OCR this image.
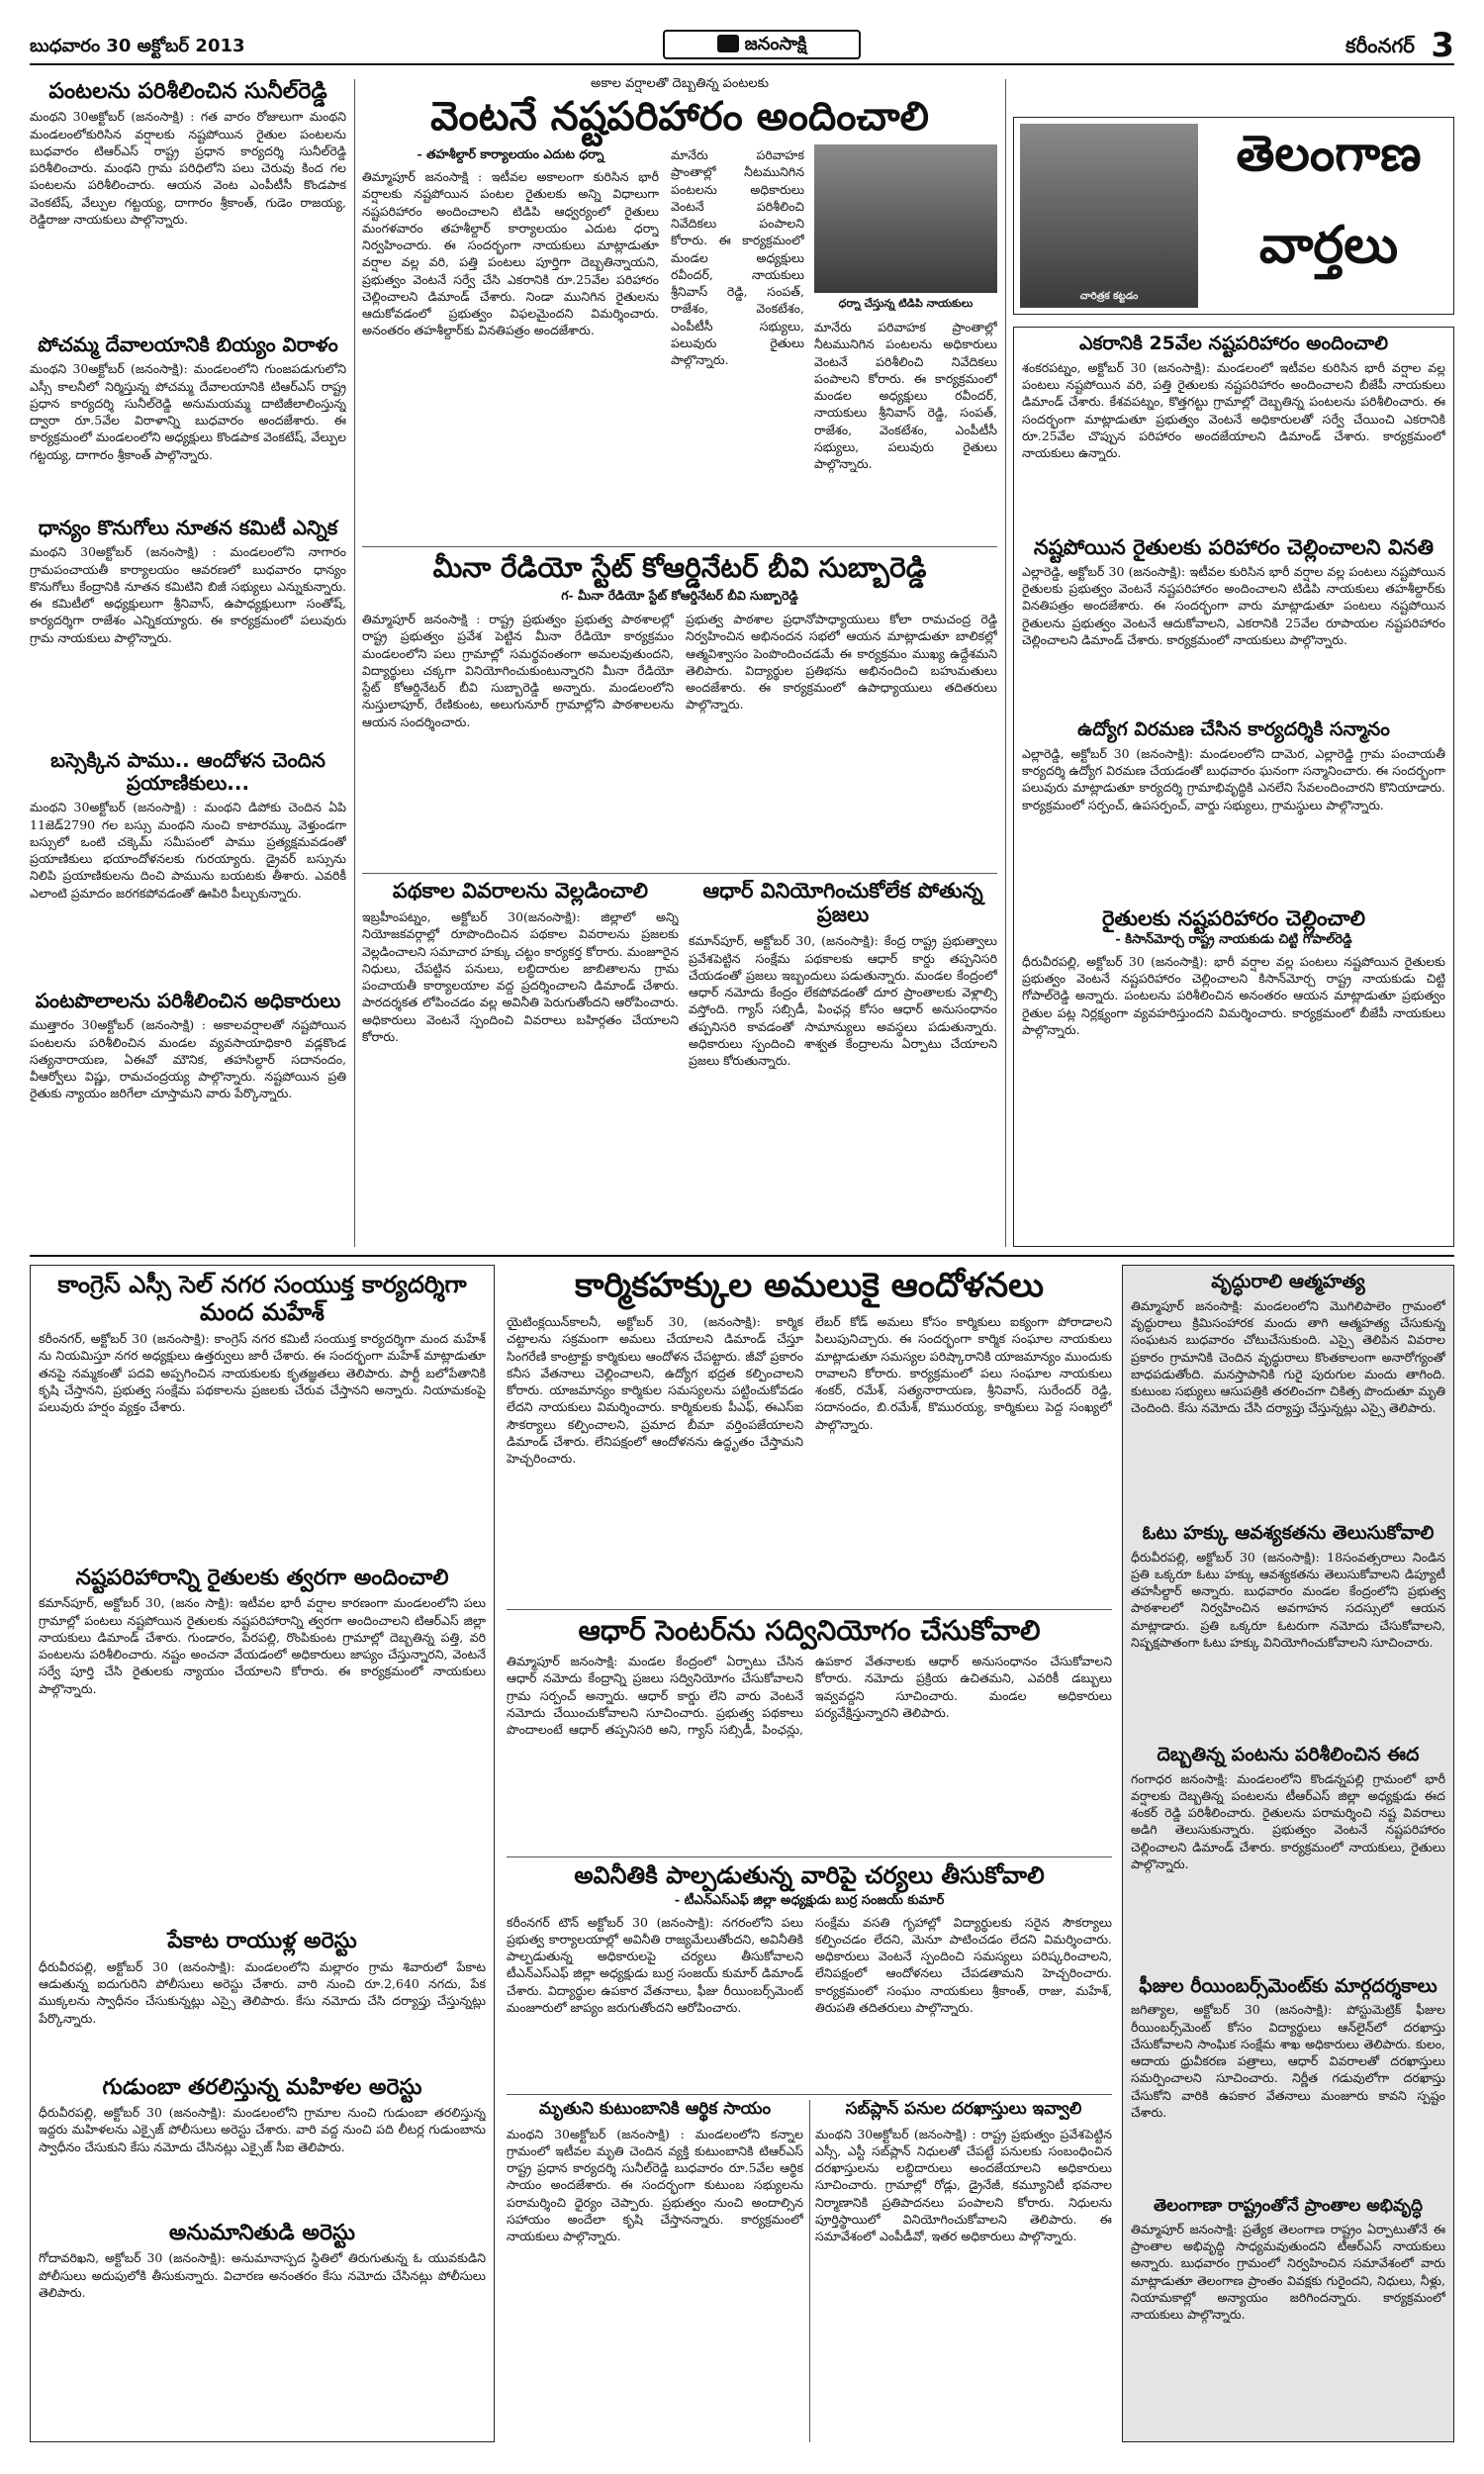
బుధవారం 30 అక్టోబర్ 2013	జనంసాక్షి	కరీంనగర్ 3
పంటలను పరిశీలించిన సునీల్‌రెడ్డి
మంథని 30అక్టోబర్ (జనంసాక్షి) : గత వారం రోజులుగా మంథని మండలంలోకురిసిన వర్షాలకు నష్టపోయిన రైతుల పంటలను బుధవారం టిఆర్ఎస్ రాష్ట్ర ప్రధాన కార్యదర్శి సునీల్‌రెడ్డి పరిశీలించారు. మంథని గ్రామ పరిధిలోని పలు చెరువు కింద గల పంటలను పరిశీలించారు. ఆయన వెంట ఎంపీటీసీ కొండపాక వెంకటేష్, వేల్పుల గట్టయ్య, దాగారం శ్రీకాంత్, గుడెం రాజయ్య, రెడ్డిరాజు నాయకులు పాల్గొన్నారు.
పోచమ్మ దేవాలయానికి బియ్యం విరాళం
మంథని 30అక్టోబర్ (జనంసాక్షి): మండలంలోని గుంజపడుగులోని ఎస్సీ కాలనీలో నిర్మిస్తున్న పోచమ్మ దేవాలయానికి టిఆర్ఎస్ రాష్ట్ర ప్రధాన కార్యదర్శి సునీల్‌రెడ్డి అనుమయమ్మ దాటిజీలాలింస్తున్న ద్వారా రూ.5వేల విరాళాన్ని బుధవారం అందజేశారు. ఈ కార్యక్రమంలో మండలంలోని అధ్యక్షులు కొండపాక వెంకటేష్, వేల్పుల గట్టయ్య, దాగారం శ్రీకాంత్ పాల్గొన్నారు.
ధాన్యం కొనుగోలు నూతన కమిటీ ఎన్నిక
మంథని 30అక్టోబర్ (జనంసాక్షి) : మండలంలోని నాగారం గ్రామపంచాయతీ కార్యాలయం ఆవరణలో బుధవారం ధాన్యం కొనుగోలు కేంద్రానికి నూతన కమిటిని బిజీ సభ్యులు ఎన్నుకున్నారు. ఈ కమిటీలో అధ్యక్షులుగా శ్రీనివాస్, ఉపాధ్యక్షులుగా సంతోష్, కార్యదర్శిగా రాజేశం ఎన్నికయ్యారు. ఈ కార్యక్రమంలో పలువురు గ్రామ నాయకులు పాల్గొన్నారు.
బస్సెక్కిన పాము.. ఆందోళన చెందిన ప్రయాణికులు...
మంథని 30అక్టోబర్ (జనంసాక్షి) : మంథని డిపోకు చెందిన ఏపి 11జెడ్2790 గల బస్సు మంథని నుంచి కాటారమ్కు వెళ్తుండగా బస్సులో ఒంటి చక్కెమ్ సమీపంలో పాము ప్రత్యక్షమవడంతో ప్రయాణికులు భయాందోళనలకు గురయ్యారు. డ్రైవర్ బస్సును నిలిపి ప్రయాణికులను దించి పామును బయటకు తీశారు. ఎవరికీ ఎలాంటి ప్రమాదం జరగకపోవడంతో ఊపిరి పీల్చుకున్నారు.
పంటపొలాలను పరిశీలించిన అధికారులు
ముత్తారం 30అక్టోబర్ (జనంసాక్షి) : అకాలవర్షాలతో నష్టపోయిన పంటలను పరిశీలించిన మండల వ్యవసాయాధికారి వడ్లకొండ సత్యనారాయణ, ఏఈవో మౌనిక, తహసిల్దార్ సదానందం, వీఆర్వోలు విష్ణు, రామచంద్రయ్య పాల్గొన్నారు. నష్టపోయిన ప్రతి రైతుకు న్యాయం జరిగేలా చూస్తామని వారు పేర్కొన్నారు.
అకాల వర్షాలతో దెబ్బతిన్న పంటలకు
వెంటనే నష్టపరిహారం అందించాలి
- తహశీల్దార్ కార్యాలయం ఎదుట ధర్నా
తిమ్మాపూర్ జనంసాక్షి : ఇటీవల అకాలంగా కురిసిన భారీ వర్షాలకు నష్టపోయిన పంటల రైతులకు అన్ని విధాలుగా నష్టపరిహారం అందించాలని టిడిపి ఆధ్వర్యంలో రైతులు మంగళవారం తహశీల్దార్ కార్యాలయం ఎదుట ధర్నా నిర్వహించారు. ఈ సందర్భంగా నాయకులు మాట్లాడుతూ వర్షాల వల్ల వరి, పత్తి పంటలు పూర్తిగా దెబ్బతిన్నాయని, ప్రభుత్వం వెంటనే సర్వే చేసి ఎకరానికి రూ.25వేల పరిహారం చెల్లించాలని డిమాండ్ చేశారు. నిండా మునిగిన రైతులను ఆదుకోవడంలో ప్రభుత్వం విఫలమైందని విమర్శించారు. అనంతరం తహశీల్దార్‌కు వినతిపత్రం అందజేశారు.
మానేరు పరివాహక ప్రాంతాల్లో నీటమునిగిన పంటలను అధికారులు వెంటనే పరిశీలించి నివేదికలు పంపాలని కోరారు. ఈ కార్యక్రమంలో మండల అధ్యక్షులు రవీందర్, నాయకులు శ్రీనివాస్ రెడ్డి, సంపత్, రాజేశం, వెంకటేశం, ఎంపీటీసీ సభ్యులు, పలువురు రైతులు పాల్గొన్నారు.
ధర్నా చేస్తున్న టిడిపి నాయకులు
మానేరు పరివాహక ప్రాంతాల్లో నీటమునిగిన పంటలను అధికారులు వెంటనే పరిశీలించి నివేదికలు పంపాలని కోరారు. ఈ కార్యక్రమంలో మండల అధ్యక్షులు రవీందర్, నాయకులు శ్రీనివాస్ రెడ్డి, సంపత్, రాజేశం, వెంకటేశం, ఎంపీటీసీ సభ్యులు, పలువురు రైతులు పాల్గొన్నారు.
మీనా రేడియో స్టేట్ కోఆర్డినేటర్ బీవి సుబ్బారెడ్డి
గ- మీనా రేడియో స్టేట్ కోఆర్డినేటర్ బీవి సుబ్బారెడ్డి
తిమ్మాపూర్ జనంసాక్షి : రాష్ట్ర ప్రభుత్వం ప్రభుత్వ పాఠశాలల్లో రాష్ట్ర ప్రభుత్వం ప్రవేశ పెట్టిన మీనా రేడియో కార్యక్రమం మండలంలోని పలు గ్రామాల్లో సమర్థవంతంగా అమలవుతుందని, విద్యార్థులు చక్కగా వినియోగించుకుంటున్నారని మీనా రేడియో స్టేట్ కోఆర్డినేటర్ బీవి సుబ్బారెడ్డి అన్నారు. మండలంలోని నుస్తులాపూర్, రేణికుంట, అలుగునూర్ గ్రామాల్లోని పాఠశాలలను ఆయన సందర్శించారు.
ప్రభుత్వ పాఠశాల ప్రధానోపాధ్యాయులు కోలా రామచంద్ర రెడ్డి నిర్వహించిన అభినందన సభలో ఆయన మాట్లాడుతూ బాలికల్లో ఆత్మవిశ్వాసం పెంపొందించడమే ఈ కార్యక్రమం ముఖ్య ఉద్దేశమని తెలిపారు. విద్యార్థుల ప్రతిభను అభినందించి బహుమతులు అందజేశారు. ఈ కార్యక్రమంలో ఉపాధ్యాయులు తదితరులు పాల్గొన్నారు.
పథకాల వివరాలను వెల్లడించాలి
ఇబ్రహీంపట్నం, అక్టోబర్ 30(జనంసాక్షి): జిల్లాలో అన్ని నియోజకవర్గాల్లో రూపొందించిన పథకాల వివరాలను ప్రజలకు వెల్లడించాలని సమాచార హక్కు చట్టం కార్యకర్త కోరారు. మంజూరైన నిధులు, చేపట్టిన పనులు, లబ్ధిదారుల జాబితాలను గ్రామ పంచాయతీ కార్యాలయాల వద్ద ప్రదర్శించాలని డిమాండ్ చేశారు. పారదర్శకత లోపించడం వల్ల అవినీతి పెరుగుతోందని ఆరోపించారు. అధికారులు వెంటనే స్పందించి వివరాలు బహిర్గతం చేయాలని కోరారు.
ఆధార్ వినియోగించుకోలేక పోతున్న ప్రజలు
కమాన్‌పూర్, అక్టోబర్ 30, (జనంసాక్షి): కేంద్ర రాష్ట్ర ప్రభుత్వాలు ప్రవేశపెట్టిన సంక్షేమ పథకాలకు ఆధార్ కార్డు తప్పనిసరి చేయడంతో ప్రజలు ఇబ్బందులు పడుతున్నారు. మండల కేంద్రంలో ఆధార్ నమోదు కేంద్రం లేకపోవడంతో దూర ప్రాంతాలకు వెళ్లాల్సి వస్తోంది. గ్యాస్ సబ్సిడీ, పింఛన్ల కోసం ఆధార్ అనుసంధానం తప్పనిసరి కావడంతో సామాన్యులు అవస్థలు పడుతున్నారు. అధికారులు స్పందించి శాశ్వత కేంద్రాలను ఏర్పాటు చేయాలని ప్రజలు కోరుతున్నారు.
చారిత్రక కట్టడం
తెలంగాణ
వార్తలు
ఎకరానికి 25వేల నష్టపరిహారం అందించాలి
శంకరపట్నం, అక్టోబర్ 30 (జనంసాక్షి): మండలంలో ఇటీవల కురిసిన భారీ వర్షాల వల్ల పంటలు నష్టపోయిన వరి, పత్తి రైతులకు నష్టపరిహారం అందించాలని బీజేపీ నాయకులు డిమాండ్ చేశారు. కేశవపట్నం, కొత్తగట్టు గ్రామాల్లో దెబ్బతిన్న పంటలను పరిశీలించారు. ఈ సందర్భంగా మాట్లాడుతూ ప్రభుత్వం వెంటనే అధికారులతో సర్వే చేయించి ఎకరానికి రూ.25వేల చొప్పున పరిహారం అందజేయాలని డిమాండ్ చేశారు. కార్యక్రమంలో నాయకులు ఉన్నారు.
నష్టపోయిన రైతులకు పరిహారం చెల్లించాలని వినతి
ఎల్లారెడ్డి, అక్టోబర్ 30 (జనంసాక్షి): ఇటీవల కురిసిన భారీ వర్షాల వల్ల పంటలు నష్టపోయిన రైతులకు ప్రభుత్వం వెంటనే నష్టపరిహారం అందించాలని టిడిపి నాయకులు తహశీల్దార్‌కు వినతిపత్రం అందజేశారు. ఈ సందర్భంగా వారు మాట్లాడుతూ పంటలు నష్టపోయిన రైతులను ప్రభుత్వం వెంటనే ఆదుకోవాలని, ఎకరానికి 25వేల రూపాయల నష్టపరిహారం చెల్లించాలని డిమాండ్ చేశారు. కార్యక్రమంలో నాయకులు పాల్గొన్నారు.
ఉద్యోగ విరమణ చేసిన కార్యదర్శికి సన్మానం
ఎల్లారెడ్డి, అక్టోబర్ 30 (జనంసాక్షి): మండలంలోని దామెర, ఎల్లారెడ్డి గ్రామ పంచాయతీ కార్యదర్శి ఉద్యోగ విరమణ చేయడంతో బుధవారం ఘనంగా సన్మానించారు. ఈ సందర్భంగా పలువురు మాట్లాడుతూ కార్యదర్శి గ్రామాభివృద్ధికి ఎనలేని సేవలందించారని కొనియాడారు. కార్యక్రమంలో సర్పంచ్, ఉపసర్పంచ్, వార్డు సభ్యులు, గ్రామస్థులు పాల్గొన్నారు.
రైతులకు నష్టపరిహారం చెల్లించాలి
- కిసాన్‌మోర్చ రాష్ట్ర నాయకుడు చిట్టి గోపాల్‌రెడ్డి
ధీరువీరపల్లి, అక్టోబర్ 30 (జనంసాక్షి): భారీ వర్షాల వల్ల పంటలు నష్టపోయిన రైతులకు ప్రభుత్వం వెంటనే నష్టపరిహారం చెల్లించాలని కిసాన్‌మోర్చ రాష్ట్ర నాయకుడు చిట్టి గోపాల్‌రెడ్డి అన్నారు. పంటలను పరిశీలించిన అనంతరం ఆయన మాట్లాడుతూ ప్రభుత్వం రైతుల పట్ల నిర్లక్ష్యంగా వ్యవహరిస్తుందని విమర్శించారు. కార్యక్రమంలో బీజేపీ నాయకులు పాల్గొన్నారు.
కాంగ్రెస్ ఎస్సీ సెల్ నగర సంయుక్త కార్యదర్శిగా మంద మహేశ్
కరీంనగర్, అక్టోబర్ 30 (జనంసాక్షి): కాంగ్రెస్ నగర కమిటీ సంయుక్త కార్యదర్శిగా మంద మహేశ్ ను నియమిస్తూ నగర అధ్యక్షులు ఉత్తర్వులు జారీ చేశారు. ఈ సందర్భంగా మహేశ్ మాట్లాడుతూ తనపై నమ్మకంతో పదవి అప్పగించిన నాయకులకు కృతజ్ఞతలు తెలిపారు. పార్టీ బలోపేతానికి కృషి చేస్తానని, ప్రభుత్వ సంక్షేమ పథకాలను ప్రజలకు చేరువ చేస్తానని అన్నారు. నియామకంపై పలువురు హర్షం వ్యక్తం చేశారు.
నష్టపరిహారాన్ని రైతులకు త్వరగా అందించాలి
కమాన్‌పూర్, అక్టోబర్ 30, (జనం సాక్షి): ఇటీవల భారీ వర్షాల కారణంగా మండలంలోని పలు గ్రామాల్లో పంటలు నష్టపోయిన రైతులకు నష్టపరిహారాన్ని త్వరగా అందించాలని టిఆర్ఎస్ జిల్లా నాయకులు డిమాండ్ చేశారు. గుండారం, పేరపల్లి, రొంపికుంట గ్రామాల్లో దెబ్బతిన్న పత్తి, వరి పంటలను పరిశీలించారు. నష్టం అంచనా వేయడంలో అధికారులు జాప్యం చేస్తున్నారని, వెంటనే సర్వే పూర్తి చేసి రైతులకు న్యాయం చేయాలని కోరారు. ఈ కార్యక్రమంలో నాయకులు పాల్గొన్నారు.
పేకాట రాయుళ్ల అరెస్టు
ధీరువీరపల్లి, అక్టోబర్ 30 (జనంసాక్షి): మండలంలోని మల్లారం గ్రామ శివారులో పేకాట ఆడుతున్న ఐదుగురిని పోలీసులు అరెస్టు చేశారు. వారి నుంచి రూ.2,640 నగదు, పేక ముక్కలను స్వాధీనం చేసుకున్నట్లు ఎస్సై తెలిపారు. కేసు నమోదు చేసి దర్యాప్తు చేస్తున్నట్లు పేర్కొన్నారు.
గుడుంబా తరలిస్తున్న మహిళల అరెస్టు
ధీరువీరపల్లి, అక్టోబర్ 30 (జనంసాక్షి): మండలంలోని గ్రామాల నుంచి గుడుంబా తరలిస్తున్న ఇద్దరు మహిళలను ఎక్సైజ్ పోలీసులు అరెస్టు చేశారు. వారి వద్ద నుంచి పది లీటర్ల గుడుంబాను స్వాధీనం చేసుకుని కేసు నమోదు చేసినట్లు ఎక్సైజ్ సీఐ తెలిపారు.
అనుమానితుడి అరెస్టు
గోదావరిఖని, అక్టోబర్ 30 (జనంసాక్షి): అనుమానాస్పద స్థితిలో తిరుగుతున్న ఓ యువకుడిని పోలీసులు అదుపులోకి తీసుకున్నారు. విచారణ అనంతరం కేసు నమోదు చేసినట్లు పోలీసులు తెలిపారు.
కార్మికహక్కుల అమలుకై ఆందోళనలు
యైటింక్లయిన్‌కాలనీ, అక్టోబర్ 30, (జనంసాక్షి): కార్మిక చట్టాలను సక్రమంగా అమలు చేయాలని డిమాండ్ చేస్తూ సింగరేణి కాంట్రాక్టు కార్మికులు ఆందోళన చేపట్టారు. జీవో ప్రకారం కనీస వేతనాలు చెల్లించాలని, ఉద్యోగ భద్రత కల్పించాలని కోరారు. యాజమాన్యం కార్మికుల సమస్యలను పట్టించుకోవడం లేదని నాయకులు విమర్శించారు. కార్మికులకు పీఎఫ్, ఈఎస్ఐ సౌకర్యాలు కల్పించాలని, ప్రమాద బీమా వర్తింపజేయాలని డిమాండ్ చేశారు. లేనిపక్షంలో ఆందోళనను ఉద్ధృతం చేస్తామని హెచ్చరించారు.
లేబర్ కోడ్ అమలు కోసం కార్మికులు ఐక్యంగా పోరాడాలని పిలుపునిచ్చారు. ఈ సందర్భంగా కార్మిక సంఘాల నాయకులు మాట్లాడుతూ సమస్యల పరిష్కారానికి యాజమాన్యం ముందుకు రావాలని కోరారు. కార్యక్రమంలో పలు సంఘాల నాయకులు శంకర్, రమేశ్, సత్యనారాయణ, శ్రీనివాస్, సురేందర్ రెడ్డి, సదానందం, బి.రమేశ్, కొమురయ్య, కార్మికులు పెద్ద సంఖ్యలో పాల్గొన్నారు.
ఆధార్ సెంటర్‌ను సద్వినియోగం చేసుకోవాలి
తిమ్మాపూర్ జనంసాక్షి: మండల కేంద్రంలో ఏర్పాటు చేసిన ఆధార్ నమోదు కేంద్రాన్ని ప్రజలు సద్వినియోగం చేసుకోవాలని గ్రామ సర్పంచ్ అన్నారు. ఆధార్ కార్డు లేని వారు వెంటనే నమోదు చేయించుకోవాలని సూచించారు. ప్రభుత్వ పథకాలు పొందాలంటే ఆధార్ తప్పనిసరి అని, గ్యాస్ సబ్సిడీ, పింఛన్లు, ఉపకార వేతనాలకు ఆధార్ అనుసంధానం చేసుకోవాలని కోరారు. నమోదు ప్రక్రియ ఉచితమని, ఎవరికీ డబ్బులు ఇవ్వవద్దని సూచించారు. మండల అధికారులు పర్యవేక్షిస్తున్నారని తెలిపారు.
అవినీతికి పాల్పడుతున్న వారిపై చర్యలు తీసుకోవాలి
- టీఎన్ఎస్ఎఫ్ జిల్లా అధ్యక్షుడు బుర్ర సంజయ్ కుమార్
కరీంనగర్ టౌన్ అక్టోబర్ 30 (జనంసాక్షి): నగరంలోని పలు ప్రభుత్వ కార్యాలయాల్లో అవినీతి రాజ్యమేలుతోందని, అవినీతికి పాల్పడుతున్న అధికారులపై చర్యలు తీసుకోవాలని టీఎన్ఎస్ఎఫ్ జిల్లా అధ్యక్షుడు బుర్ర సంజయ్ కుమార్ డిమాండ్ చేశారు. విద్యార్థుల ఉపకార వేతనాలు, ఫీజు రీయింబర్స్‌మెంట్ మంజూరులో జాప్యం జరుగుతోందని ఆరోపించారు.
సంక్షేమ వసతి గృహాల్లో విద్యార్థులకు సరైన సౌకర్యాలు కల్పించడం లేదని, మెనూ పాటించడం లేదని విమర్శించారు. అధికారులు వెంటనే స్పందించి సమస్యలు పరిష్కరించాలని, లేనిపక్షంలో ఆందోళనలు చేపడతామని హెచ్చరించారు. కార్యక్రమంలో సంఘం నాయకులు శ్రీకాంత్, రాజు, మహేశ్, తిరుపతి తదితరులు పాల్గొన్నారు.
మృతుని కుటుంబానికి ఆర్థిక సాయం
మంథని 30అక్టోబర్ (జనంసాక్షి) : మండలంలోని కన్నాల గ్రామంలో ఇటీవల మృతి చెందిన వ్యక్తి కుటుంబానికి టిఆర్ఎస్ రాష్ట్ర ప్రధాన కార్యదర్శి సునీల్‌రెడ్డి బుధవారం రూ.5వేల ఆర్థిక సాయం అందజేశారు. ఈ సందర్భంగా కుటుంబ సభ్యులను పరామర్శించి ధైర్యం చెప్పారు. ప్రభుత్వం నుంచి అందాల్సిన సహాయం అందేలా కృషి చేస్తానన్నారు. కార్యక్రమంలో నాయకులు పాల్గొన్నారు.
సబ్‌ప్లాన్ పనుల దరఖాస్తులు ఇవ్వాలి
మంథని 30అక్టోబర్ (జనంసాక్షి) : రాష్ట్ర ప్రభుత్వం ప్రవేశపెట్టిన ఎస్సీ, ఎస్టీ సబ్‌ప్లాన్ నిధులతో చేపట్టే పనులకు సంబంధించిన దరఖాస్తులను లబ్ధిదారులు అందజేయాలని అధికారులు సూచించారు. గ్రామాల్లో రోడ్లు, డ్రైనేజీ, కమ్యూనిటీ భవనాల నిర్మాణానికి ప్రతిపాదనలు పంపాలని కోరారు. నిధులను పూర్తిస్థాయిలో వినియోగించుకోవాలని తెలిపారు. ఈ సమావేశంలో ఎంపీడీవో, ఇతర అధికారులు పాల్గొన్నారు.
వృద్ధురాలి ఆత్మహత్య
తిమ్మాపూర్ జనంసాక్షి: మండలంలోని మొగిలిపాలెం గ్రామంలో వృద్ధురాలు క్రిమిసంహారక మందు తాగి ఆత్మహత్య చేసుకున్న సంఘటన బుధవారం చోటుచేసుకుంది. ఎస్సై తెలిపిన వివరాల ప్రకారం గ్రామానికి చెందిన వృద్ధురాలు కొంతకాలంగా అనారోగ్యంతో బాధపడుతోంది. మనస్తాపానికి గురై పురుగుల మందు తాగింది. కుటుంబ సభ్యులు ఆసుపత్రికి తరలించగా చికిత్స పొందుతూ మృతి చెందింది. కేసు నమోదు చేసి దర్యాప్తు చేస్తున్నట్లు ఎస్సై తెలిపారు.
ఓటు హక్కు ఆవశ్యకతను తెలుసుకోవాలి
ధీరువీరపల్లి, అక్టోబర్ 30 (జనంసాక్షి): 18సంవత్సరాలు నిండిన ప్రతి ఒక్కరూ ఓటు హక్కు ఆవశ్యకతను తెలుసుకోవాలని డిప్యూటీ తహసీల్దార్ అన్నారు. బుధవారం మండల కేంద్రంలోని ప్రభుత్వ పాఠశాలలో నిర్వహించిన అవగాహన సదస్సులో ఆయన మాట్లాడారు. ప్రతి ఒక్కరూ ఓటరుగా నమోదు చేసుకోవాలని, నిష్పక్షపాతంగా ఓటు హక్కు వినియోగించుకోవాలని సూచించారు.
దెబ్బతిన్న పంటను పరిశీలించిన ఈద
గంగాధర జనంసాక్షి: మండలంలోని కొండన్నపల్లి గ్రామంలో భారీ వర్షాలకు దెబ్బతిన్న పంటలను టీఆర్ఎస్ జిల్లా అధ్యక్షుడు ఈద శంకర్ రెడ్డి పరిశీలించారు. రైతులను పరామర్శించి నష్ట వివరాలు అడిగి తెలుసుకున్నారు. ప్రభుత్వం వెంటనే నష్టపరిహారం చెల్లించాలని డిమాండ్ చేశారు. కార్యక్రమంలో నాయకులు, రైతులు పాల్గొన్నారు.
ఫీజుల రీయింబర్స్‌మెంట్‌కు మార్గదర్శకాలు
జగిత్యాల, అక్టోబర్ 30 (జనంసాక్షి): పోస్టుమెట్రిక్ ఫీజుల రీయింబర్స్‌మెంట్ కోసం విద్యార్థులు ఆన్‌లైన్‌లో దరఖాస్తు చేసుకోవాలని సాంఘిక సంక్షేమ శాఖ అధికారులు తెలిపారు. కులం, ఆదాయ ధ్రువీకరణ పత్రాలు, ఆధార్ వివరాలతో దరఖాస్తులు సమర్పించాలని సూచించారు. నిర్ణీత గడువులోగా దరఖాస్తు చేసుకోని వారికి ఉపకార వేతనాలు మంజూరు కావని స్పష్టం చేశారు.
తెలంగాణా రాష్ట్రంతోనే ప్రాంతాల అభివృద్ధి
తిమ్మాపూర్ జనంసాక్షి: ప్రత్యేక తెలంగాణ రాష్ట్రం ఏర్పాటుతోనే ఈ ప్రాంతాల అభివృద్ధి సాధ్యమవుతుందని టీఆర్ఎస్ నాయకులు అన్నారు. బుధవారం గ్రామంలో నిర్వహించిన సమావేశంలో వారు మాట్లాడుతూ తెలంగాణ ప్రాంతం వివక్షకు గురైందని, నిధులు, నీళ్లు, నియామకాల్లో అన్యాయం జరిగిందన్నారు. కార్యక్రమంలో నాయకులు పాల్గొన్నారు.
